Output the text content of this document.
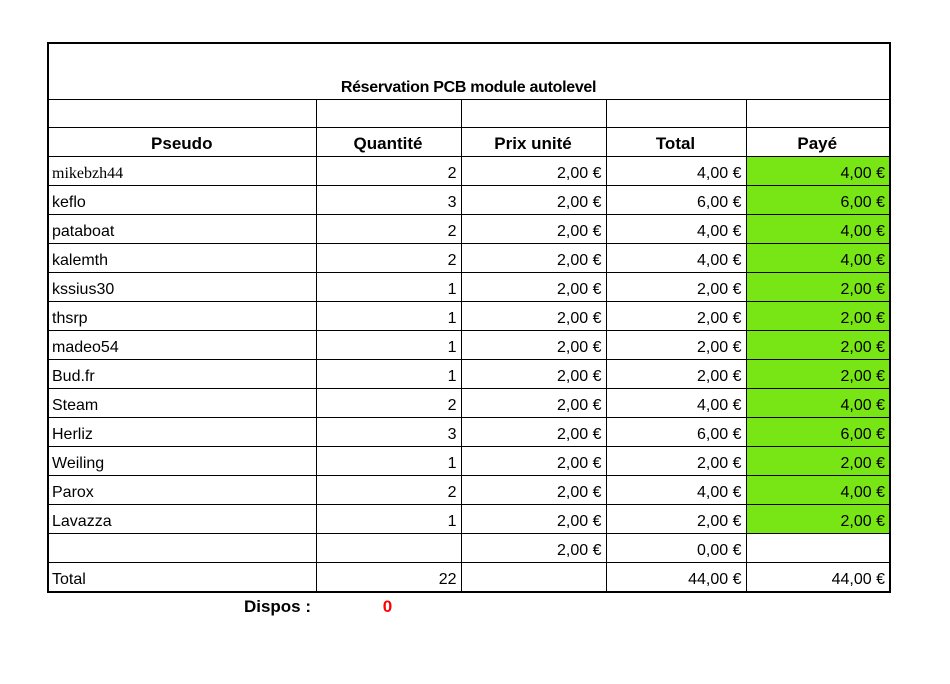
Réservation PCB module autolevel				

Pseudo	Quantité	Prix unité	Total	Payé
mikebzh44	2	2,00 €	4,00 €	4,00 €
keflo	3	2,00 €	6,00 €	6,00 €
pataboat	2	2,00 €	4,00 €	4,00 €
kalemth	2	2,00 €	4,00 €	4,00 €
kssius30	1	2,00 €	2,00 €	2,00 €
thsrp	1	2,00 €	2,00 €	2,00 €
madeo54	1	2,00 €	2,00 €	2,00 €
Bud.fr	1	2,00 €	2,00 €	2,00 €
Steam	2	2,00 €	4,00 €	4,00 €
Herliz	3	2,00 €	6,00 €	6,00 €
Weiling	1	2,00 €	2,00 €	2,00 €
Parox	2	2,00 €	4,00 €	4,00 €
Lavazza	1	2,00 €	2,00 €	2,00 €
		2,00 €	0,00 €	
Total	22		44,00 €	44,00 €
Dispos :	0
